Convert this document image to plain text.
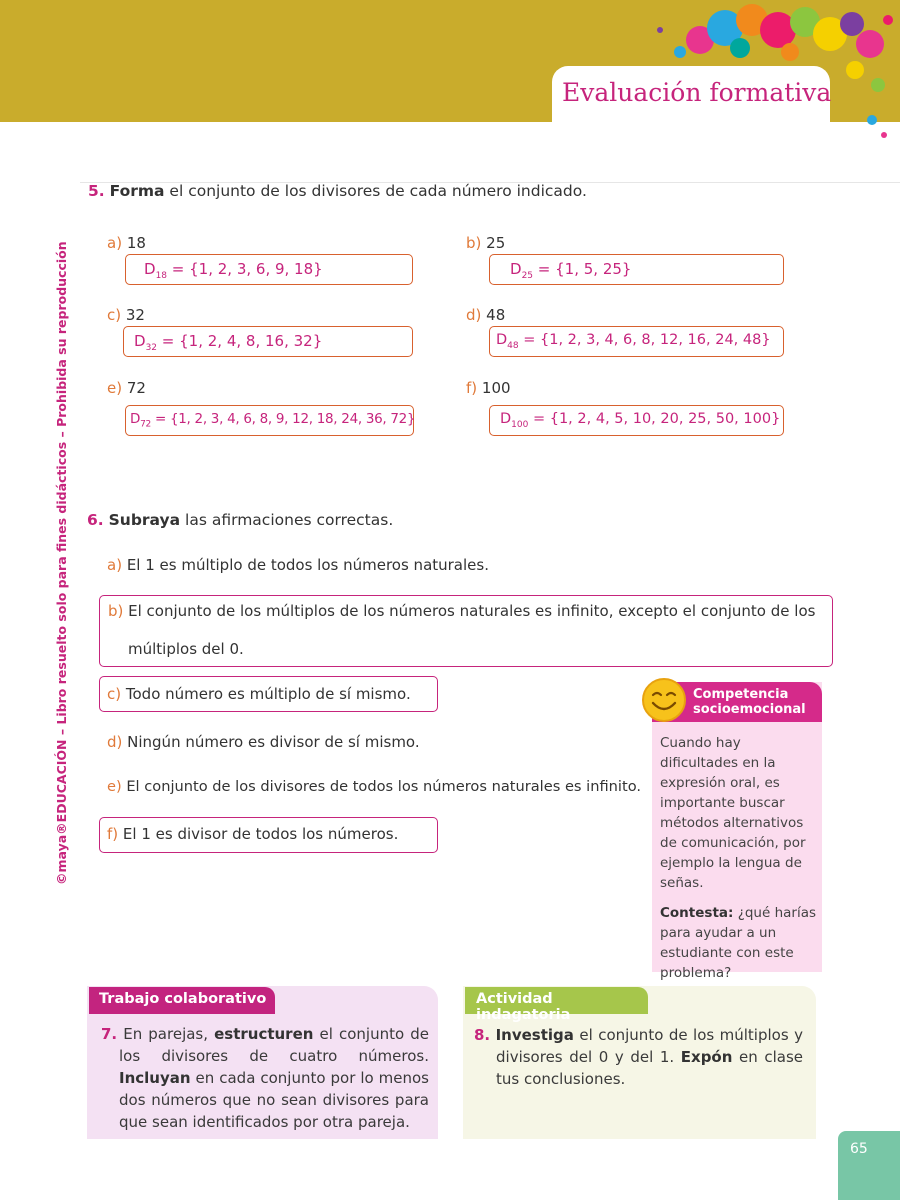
Evaluación formativa
©maya®EDUCACIÓN – Libro resuelto solo para fines didácticos – Prohibida su reproducción
5. Forma el conjunto de los divisores de cada número indicado.
a) 18
$D_{18} = \{1$, 2, 3, 6, 9, 18}
b) 25
$D_{25} = \{1$, 5, 25}
c) 32
$D_{32} = \{1$, 2, 4, 8, 16, 32}
d) 48
$D_{48} = \{1$, 2, 3, 4, 6, 8, 12, 16, 24, 48}
e) 72
$D_{72} = \{1$, 2, 3, 4, 6, 8, 9, 12, 18, 24, 36, 72}
f) 100
$D_{100} = \{1$, 2, 4, 5, 10, 20, 25, 50, 100}
6. Subraya las afirmaciones correctas.
a) El 1 es múltiplo de todos los números naturales.
b) El conjunto de los múltiplos de los números naturales es infinito, excepto el conjunto de los
múltiplos del 0.
c) Todo número es múltiplo de sí mismo.
d) Ningún número es divisor de sí mismo.
e) El conjunto de los divisores de todos los números naturales es infinito.
f) El 1 es divisor de todos los números.
Competencia
socioemocional
Cuando hay dificultades en la expresión oral, es importante buscar métodos alternativos de comunicación, por ejemplo la lengua de señas.
Contesta: ¿qué harías para ayudar a un estudiante con este problema?
Trabajo colaborativo
7. En parejas, estructuren el conjunto de los divisores de cuatro números. Incluyan en cada conjunto por lo menos dos números que no sean divisores para que sean identificados por otra pareja.
Actividad indagatoria
8. Investiga el conjunto de los múltiplos y divisores del 0 y del 1. Expón en clase tus conclusiones.
65
